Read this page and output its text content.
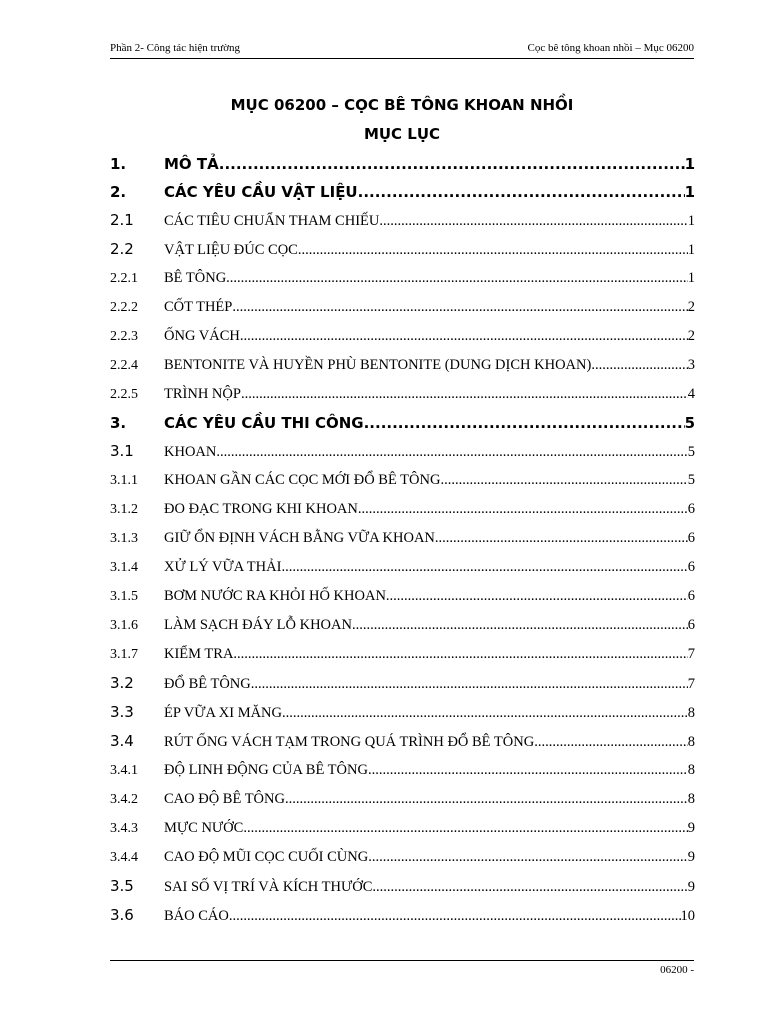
Phần 2- Công tác hiện trường	Cọc bê tông khoan nhồi – Mục 06200
MỤC 06200 – CỌC BÊ TÔNG KHOAN NHỒI
MỤC LỤC
1.	MÔ TẢ .....	1
2.	CÁC YÊU CẦU VẬT LIỆU .....	1
2.1	CÁC TIÊU CHUẨN THAM CHIẾU .....	1
2.2	VẬT LIỆU ĐÚC CỌC .....	1
2.2.1	BÊ TÔNG .....	1
2.2.2	CỐT THÉP .....	2
2.2.3	ỐNG VÁCH .....	2
2.2.4	BENTONITE VÀ HUYỀN PHÙ BENTONITE (DUNG DỊCH KHOAN) .....	3
2.2.5	TRÌNH NỘP .....	4
3.	CÁC YÊU CẦU THI CÔNG .....	5
3.1	KHOAN .....	5
3.1.1	KHOAN GẦN CÁC CỌC MỚI ĐỔ BÊ TÔNG .....	5
3.1.2	ĐO ĐẠC TRONG KHI KHOAN .....	6
3.1.3	GIỮ ỔN ĐỊNH VÁCH BẰNG VỮA KHOAN .....	6
3.1.4	XỬ LÝ VỮA THẢI .....	6
3.1.5	BƠM NƯỚC RA KHỎI HỐ KHOAN .....	6
3.1.6	LÀM SẠCH ĐÁY LỖ KHOAN .....	6
3.1.7	KIỂM TRA .....	7
3.2	ĐỔ BÊ TÔNG .....	7
3.3	ÉP VỮA XI MĂNG .....	8
3.4	RÚT ỐNG VÁCH TẠM TRONG QUÁ TRÌNH ĐỔ BÊ TÔNG .....	8
3.4.1	ĐỘ LINH ĐỘNG CỦA BÊ TÔNG .....	8
3.4.2	CAO ĐỘ BÊ TÔNG .....	8
3.4.3	MỰC NƯỚC .....	9
3.4.4	CAO ĐỘ MŨI CỌC CUỐI CÙNG .....	9
3.5	SAI SỐ VỊ TRÍ VÀ KÍCH THƯỚC .....	9
3.6	BÁO CÁO .....	10
06200 -
